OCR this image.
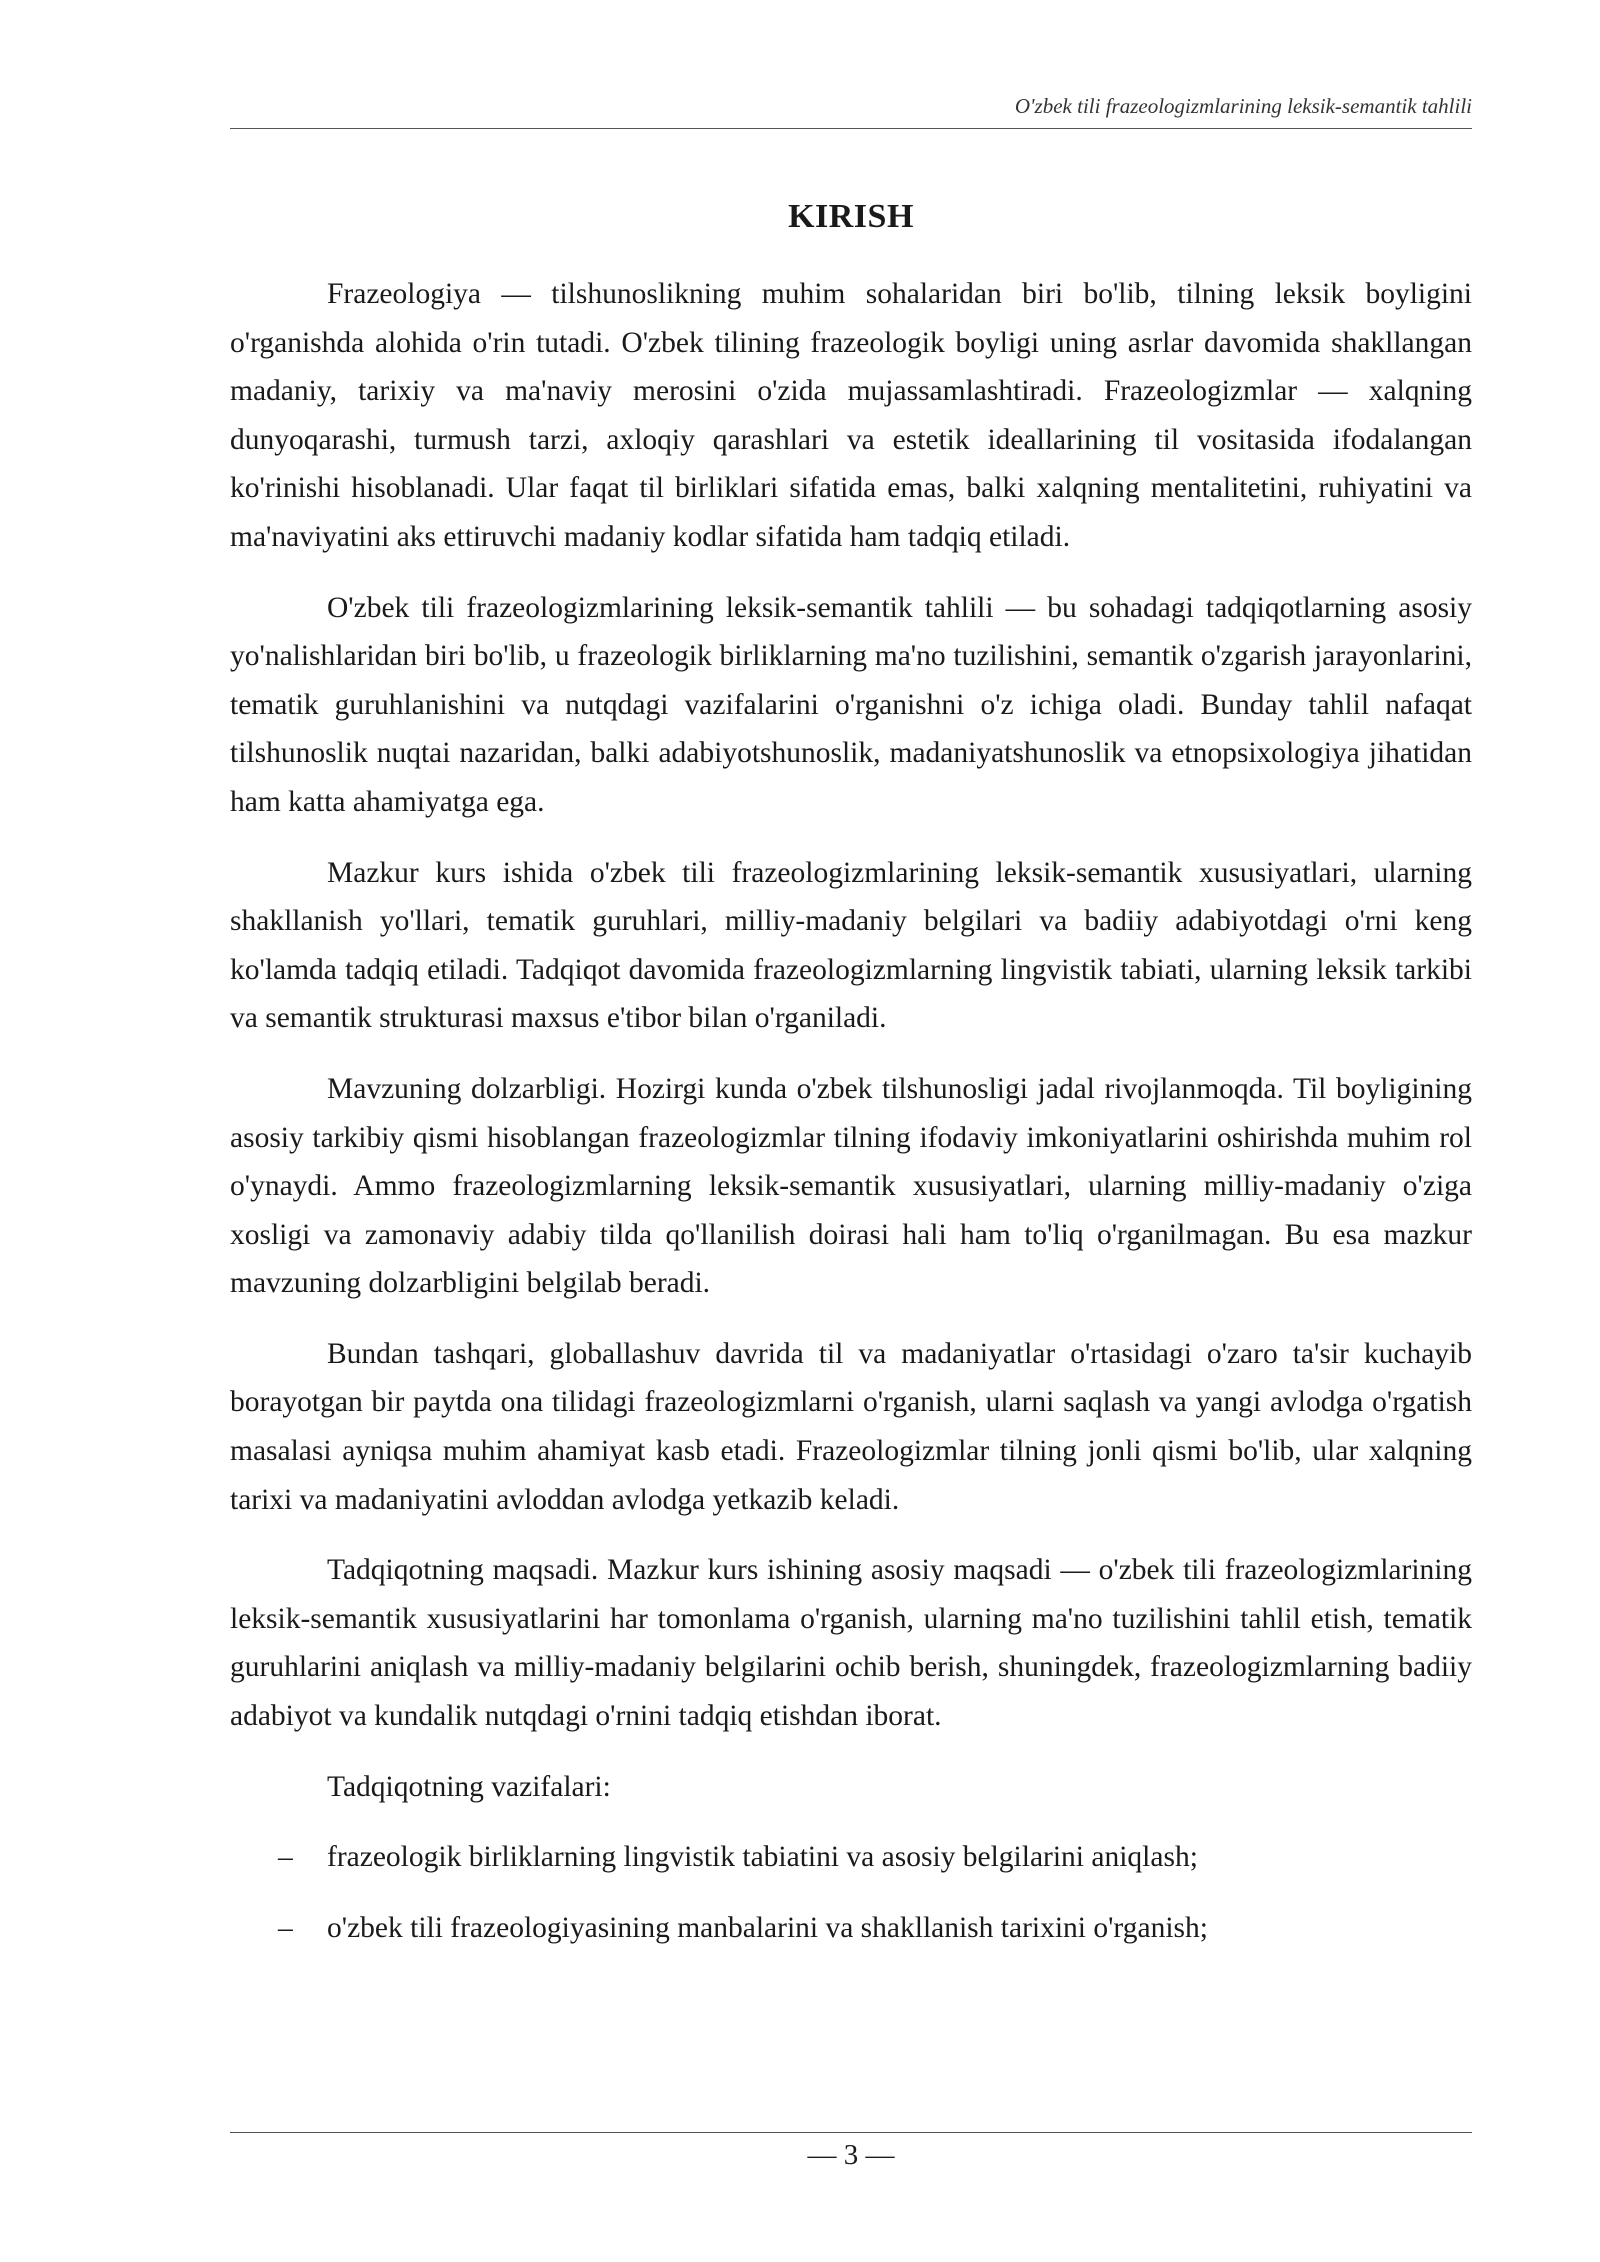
O'zbek tili frazeologizmlarining leksik-semantik tahlili
KIRISH

Frazeologiya — tilshunoslikning muhim sohalaridan biri bo'lib, tilning leksik boyligini o'rganishda alohida o'rin tutadi. O'zbek tilining frazeologik boyligi uning asrlar davomida shakllangan madaniy, tarixiy va ma'naviy merosini o'zida mujassamlashtiradi. Frazeologizmlar — xalqning dunyoqarashi, turmush tarzi, axloqiy qarashlari va estetik ideallarining til vositasida ifodalangan ko'rinishi hisoblanadi. Ular faqat til birliklari sifatida emas, balki xalqning mentalitetini, ruhiyatini va ma'naviyatini aks ettiruvchi madaniy kodlar sifatida ham tadqiq etiladi.

O'zbek tili frazeologizmlarining leksik-semantik tahlili — bu sohadagi tadqiqotlarning asosiy yo'nalishlaridan biri bo'lib, u frazeologik birliklarning ma'no tuzilishini, semantik o'zgarish jarayonlarini, tematik guruhlanishini va nutqdagi vazifalarini o'rganishni o'z ichiga oladi. Bunday tahlil nafaqat tilshunoslik nuqtai nazaridan, balki adabiyotshunoslik, madaniyatshunoslik va etnopsixologiya jihatidan ham katta ahamiyatga ega.

Mazkur kurs ishida o'zbek tili frazeologizmlarining leksik-semantik xususiyatlari, ularning shakllanish yo'llari, tematik guruhlari, milliy-madaniy belgilari va badiiy adabiyotdagi o'rni keng ko'lamda tadqiq etiladi. Tadqiqot davomida frazeologizmlarning lingvistik tabiati, ularning leksik tarkibi va semantik strukturasi maxsus e'tibor bilan o'rganiladi.

Mavzuning dolzarbligi. Hozirgi kunda o'zbek tilshunosligi jadal rivojlanmoqda. Til boyligining asosiy tarkibiy qismi hisoblangan frazeologizmlar tilning ifodaviy imkoniyatlarini oshirishda muhim rol o'ynaydi. Ammo frazeologizmlarning leksik-semantik xususiyatlari, ularning milliy-madaniy o'ziga xosligi va zamonaviy adabiy tilda qo'llanilish doirasi hali ham to'liq o'rganilmagan. Bu esa mazkur mavzuning dolzarbligini belgilab beradi.

Bundan tashqari, globallashuv davrida til va madaniyatlar o'rtasidagi o'zaro ta'sir kuchayib borayotgan bir paytda ona tilidagi frazeologizmlarni o'rganish, ularni saqlash va yangi avlodga o'rgatish masalasi ayniqsa muhim ahamiyat kasb etadi. Frazeologizmlar tilning jonli qismi bo'lib, ular xalqning tarixi va madaniyatini avloddan avlodga yetkazib keladi.

Tadqiqotning maqsadi. Mazkur kurs ishining asosiy maqsadi — o'zbek tili frazeologizmlarining leksik-semantik xususiyatlarini har tomonlama o'rganish, ularning ma'no tuzilishini tahlil etish, tematik guruhlarini aniqlash va milliy-madaniy belgilarini ochib berish, shuningdek, frazeologizmlarning badiiy adabiyot va kundalik nutqdagi o'rnini tadqiq etishdan iborat.

Tadqiqotning vazifalari:

– frazeologik birliklarning lingvistik tabiatini va asosiy belgilarini aniqlash;
– o'zbek tili frazeologiyasining manbalarini va shakllanish tarixini o'rganish;
— 3 —
